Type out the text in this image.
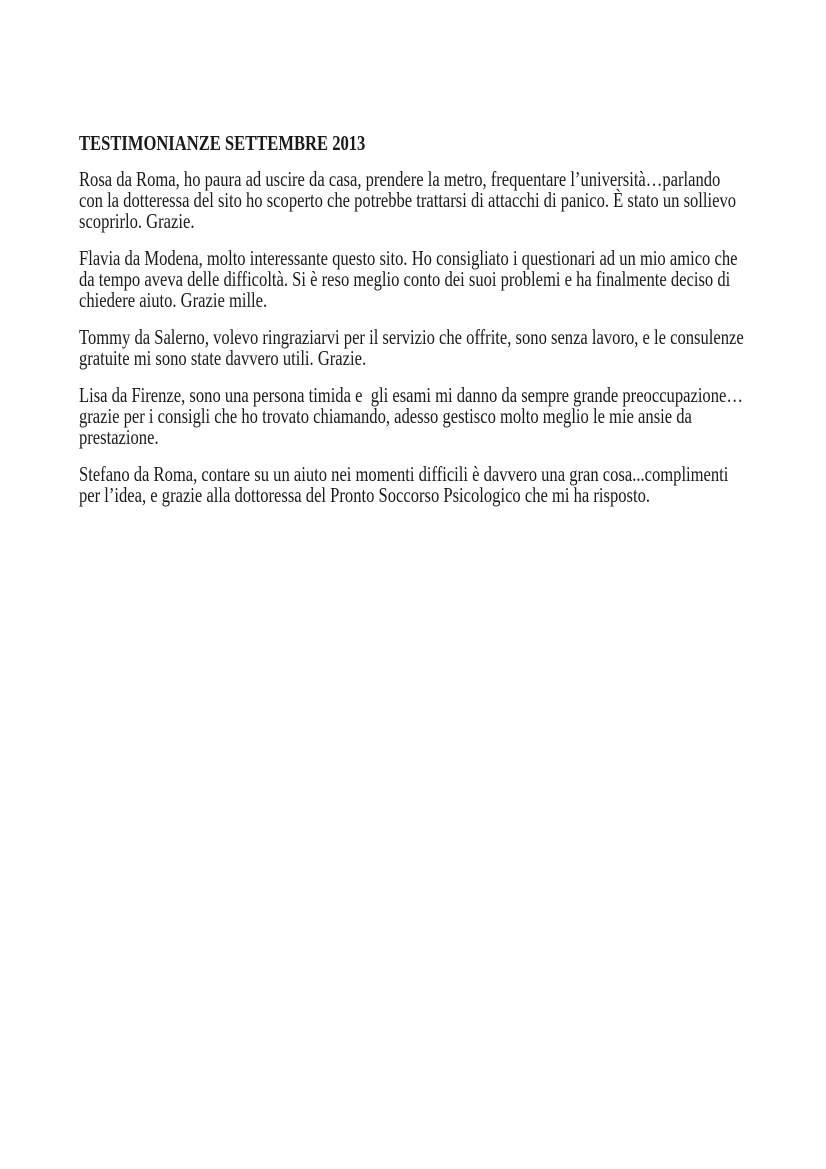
TESTIMONIANZE SETTEMBRE 2013

Rosa da Roma, ho paura ad uscire da casa, prendere la metro, frequentare l’università…parlando con la dotteressa del sito ho scoperto che potrebbe trattarsi di attacchi di panico. È stato un sollievo scoprirlo. Grazie.

Flavia da Modena, molto interessante questo sito. Ho consigliato i questionari ad un mio amico che da tempo aveva delle difficoltà. Si è reso meglio conto dei suoi problemi e ha finalmente deciso di chiedere aiuto. Grazie mille.

Tommy da Salerno, volevo ringraziarvi per il servizio che offrite, sono senza lavoro, e le consulenze gratuite mi sono state davvero utili. Grazie.

Lisa da Firenze, sono una persona timida e  gli esami mi danno da sempre grande preoccupazione… grazie per i consigli che ho trovato chiamando, adesso gestisco molto meglio le mie ansie da prestazione.

Stefano da Roma, contare su un aiuto nei momenti difficili è davvero una gran cosa...complimenti per l’idea, e grazie alla dottoressa del Pronto Soccorso Psicologico che mi ha risposto.
